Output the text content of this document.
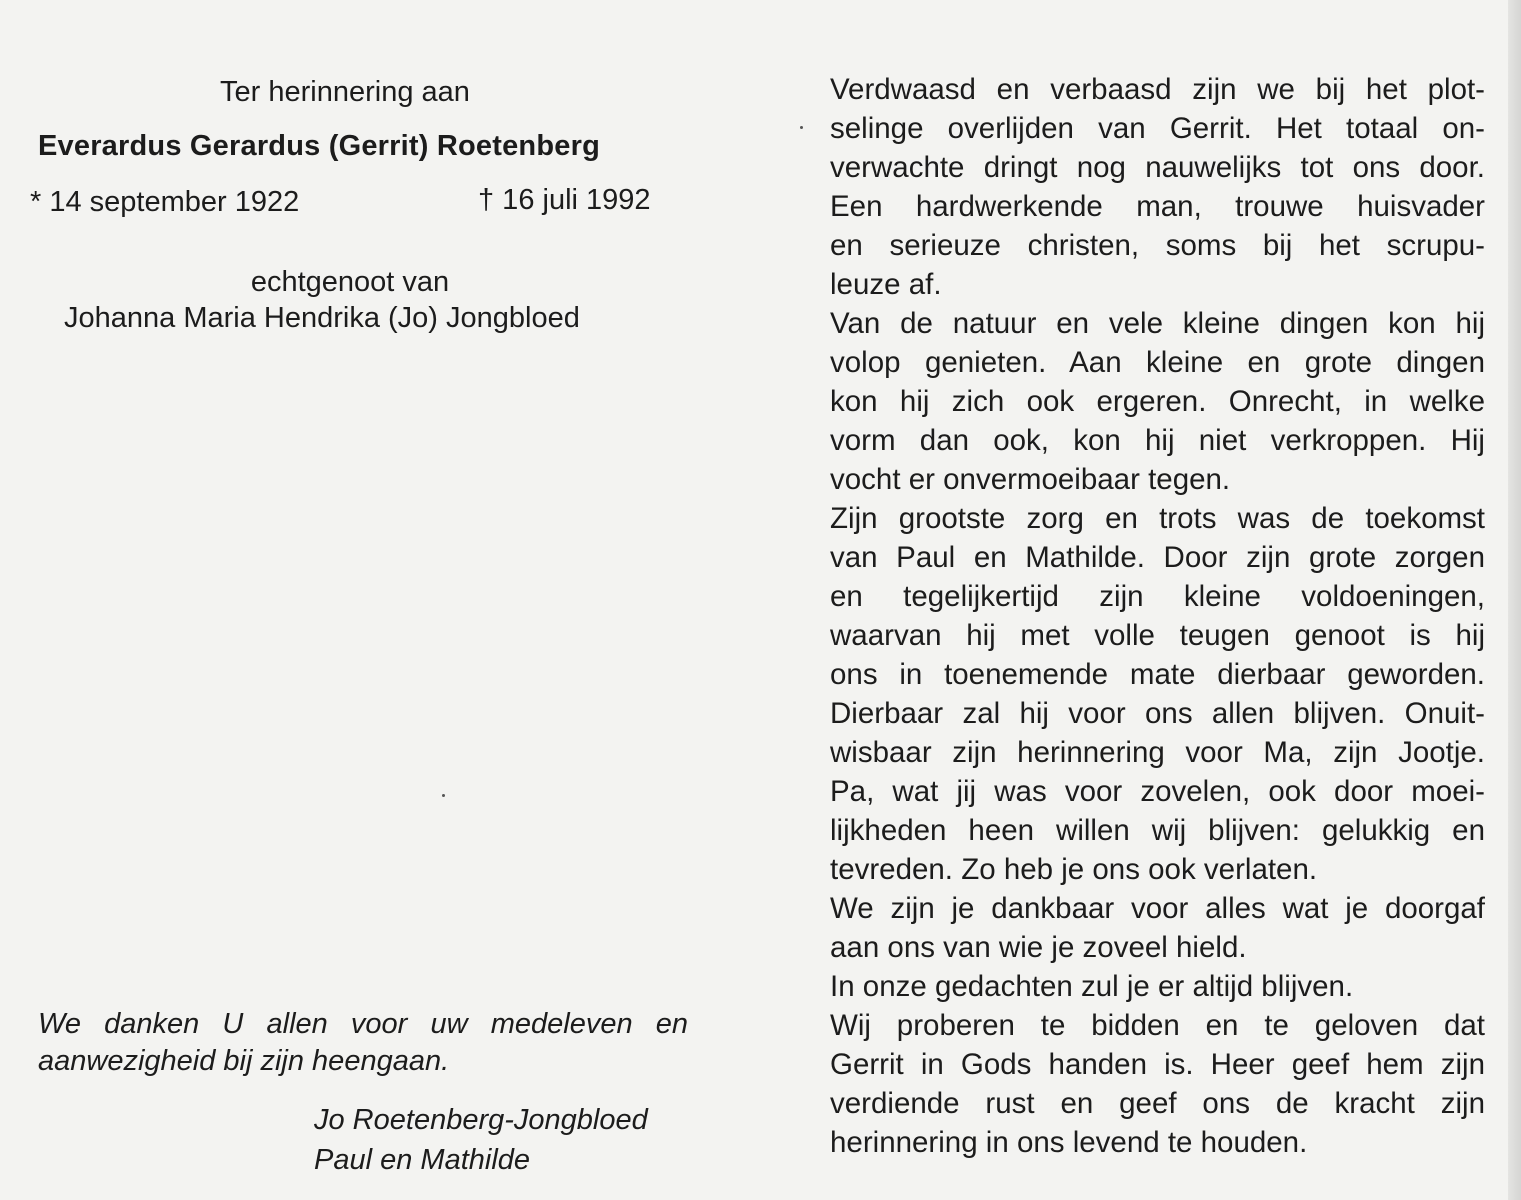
Ter herinnering aan
Everardus Gerardus (Gerrit) Roetenberg
* 14 september 1922	† 16 juli 1992
echtgenoot van
Johanna Maria Hendrika (Jo) Jongbloed
We danken U allen voor uw medeleven en aanwezigheid bij zijn heengaan.
Jo Roetenberg-Jongbloed
Paul en Mathilde
Verdwaasd en verbaasd zijn we bij het plot-
selinge overlijden van Gerrit. Het totaal on-
verwachte dringt nog nauwelijks tot ons door.
Een hardwerkende man, trouwe huisvader
en serieuze christen, soms bij het scrupu-
leuze af.
Van de natuur en vele kleine dingen kon hij
volop genieten. Aan kleine en grote dingen
kon hij zich ook ergeren. Onrecht, in welke
vorm dan ook, kon hij niet verkroppen. Hij
vocht er onvermoeibaar tegen.
Zijn grootste zorg en trots was de toekomst
van Paul en Mathilde. Door zijn grote zorgen
en tegelijkertijd zijn kleine voldoeningen,
waarvan hij met volle teugen genoot is hij
ons in toenemende mate dierbaar geworden.
Dierbaar zal hij voor ons allen blijven. Onuit-
wisbaar zijn herinnering voor Ma, zijn Jootje.
Pa, wat jij was voor zovelen, ook door moei-
lijkheden heen willen wij blijven: gelukkig en
tevreden. Zo heb je ons ook verlaten.
We zijn je dankbaar voor alles wat je doorgaf
aan ons van wie je zoveel hield.
In onze gedachten zul je er altijd blijven.
Wij proberen te bidden en te geloven dat
Gerrit in Gods handen is. Heer geef hem zijn
verdiende rust en geef ons de kracht zijn
herinnering in ons levend te houden.
